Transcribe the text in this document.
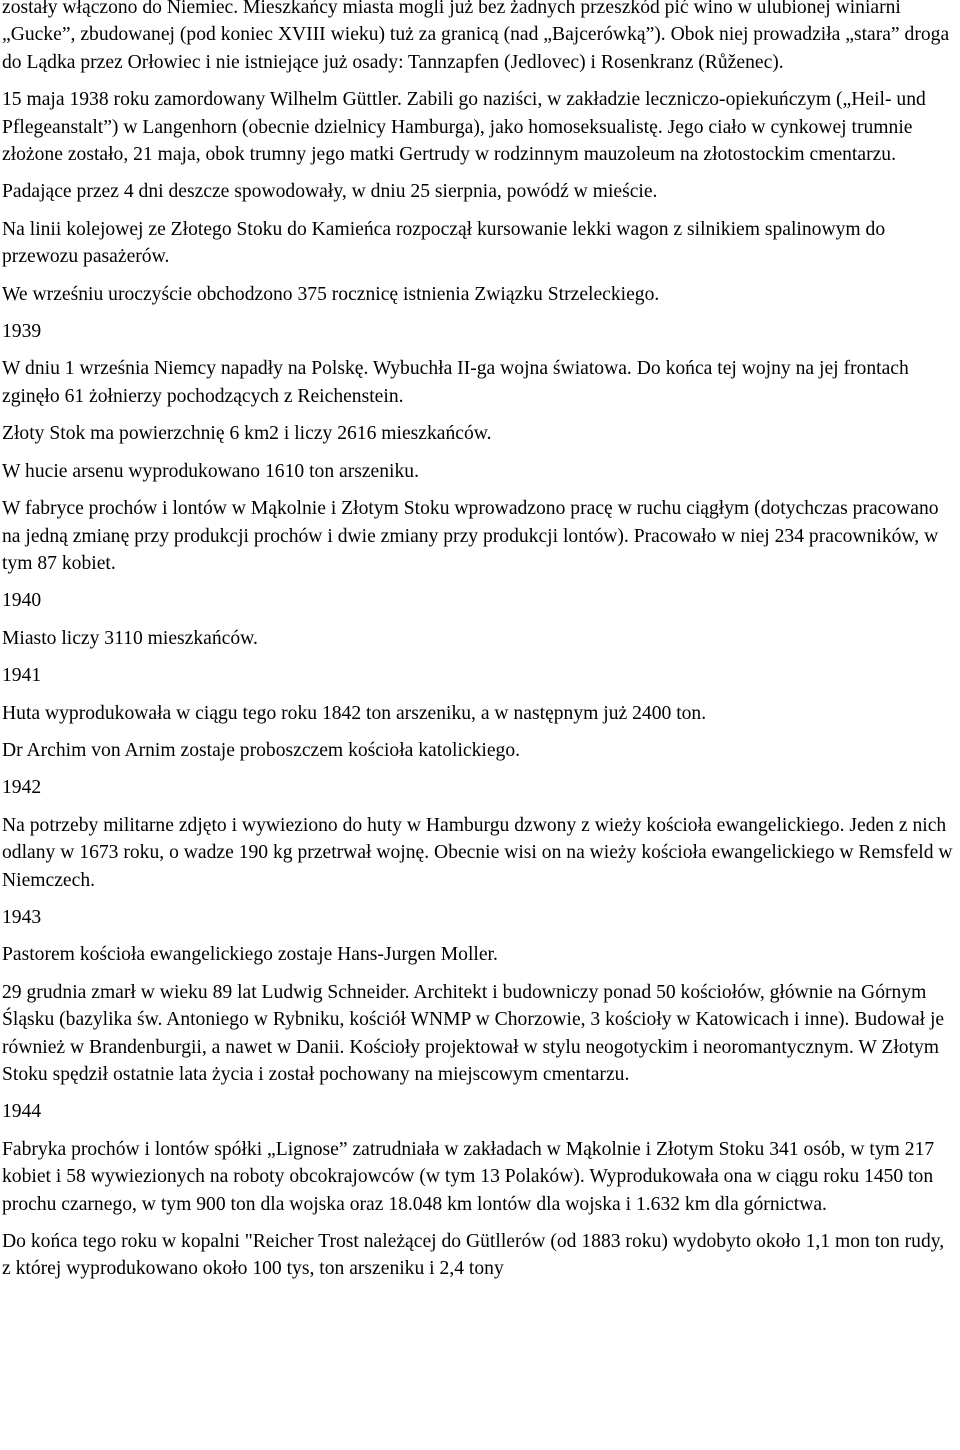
zostały włączono do Niemiec. Mieszkańcy miasta mogli już bez żadnych przeszkód pić wino w ulubionej winiarni „Gucke”, zbudowanej (pod koniec XVIII wieku) tuż za granicą (nad „Bajcerówką”). Obok niej prowadziła „stara” droga do Lądka przez Orłowiec i nie istniejące już osady: Tannzapfen (Jedlovec) i Rosenkranz (Růženec).

15 maja 1938 roku zamordowany Wilhelm Güttler. Zabili go naziści, w zakładzie leczniczo-opiekuńczym („Heil- und Pflegeanstalt”) w Langenhorn (obecnie dzielnicy Hamburga), jako homoseksualistę. Jego ciało w cynkowej trumnie złożone zostało, 21 maja, obok trumny jego matki Gertrudy w rodzinnym mauzoleum na złotostockim cmentarzu.

Padające przez 4 dni deszcze spowodowały, w dniu 25 sierpnia, powódź w mieście.

Na linii kolejowej ze Złotego Stoku do Kamieńca rozpoczął kursowanie lekki wagon z silnikiem spalinowym do przewozu pasażerów.

We wrześniu uroczyście obchodzono 375 rocznicę istnienia Związku Strzeleckiego.

1939

W dniu 1 września Niemcy napadły na Polskę. Wybuchła II-ga wojna światowa. Do końca tej wojny na jej frontach zginęło 61 żołnierzy pochodzących z Reichenstein.

Złoty Stok ma powierzchnię 6 km2 i liczy 2616 mieszkańców.

W hucie arsenu wyprodukowano 1610 ton arszeniku.

W fabryce prochów i lontów w Mąkolnie i Złotym Stoku wprowadzono pracę w ruchu ciągłym (dotychczas pracowano na jedną zmianę przy produkcji prochów i dwie zmiany przy produkcji lontów). Pracowało w niej 234 pracowników, w tym 87 kobiet.

1940

Miasto liczy 3110 mieszkańców.

1941

Huta wyprodukowała w ciągu tego roku 1842 ton arszeniku, a w następnym już 2400 ton.

Dr Archim von Arnim zostaje proboszczem kościoła katolickiego.

1942

Na potrzeby militarne zdjęto i wywieziono do huty w Hamburgu dzwony z wieży kościoła ewangelickiego. Jeden z nich odlany w 1673 roku, o wadze 190 kg przetrwał wojnę. Obecnie wisi on na wieży kościoła ewangelickiego w Remsfeld w Niemczech.

1943

Pastorem kościoła ewangelickiego zostaje Hans-Jurgen Moller.

29 grudnia zmarł w wieku 89 lat Ludwig Schneider. Architekt i budowniczy ponad 50 kościołów, głównie na Górnym Śląsku (bazylika św. Antoniego w Rybniku, kościół WNMP w Chorzowie, 3 kościoły w Katowicach i inne). Budował je również w Brandenburgii, a nawet w Danii. Kościoły projektował w stylu neogotyckim i neoromantycznym. W Złotym Stoku spędził ostatnie lata życia i został pochowany na miejscowym cmentarzu.

1944

Fabryka prochów i lontów spółki „Lignose” zatrudniała w zakładach w Mąkolnie i Złotym Stoku 341 osób, w tym 217 kobiet i 58 wywiezionych na roboty obcokrajowców (w tym 13 Polaków). Wyprodukowała ona w ciągu roku 1450 ton prochu czarnego, w tym 900 ton dla wojska oraz 18.048 km lontów dla wojska i 1.632 km dla górnictwa.

Do końca tego roku w kopalni "Reicher Trost należącej do Gütllerów (od 1883 roku) wydobyto około 1,1 mon ton rudy, z której wyprodukowano około 100 tys, ton arszeniku i 2,4 tony
